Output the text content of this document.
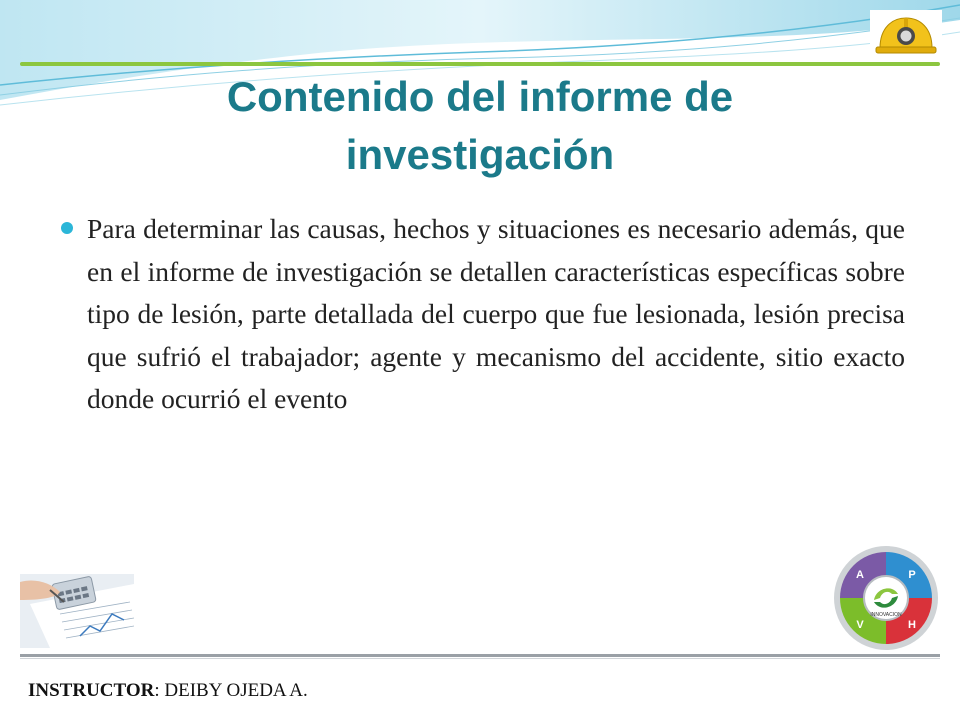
Contenido del informe de investigación

Para determinar las causas, hechos y situaciones es necesario además, que en el informe de investigación se detallen características específicas sobre tipo de lesión, parte detallada del cuerpo que fue lesionada, lesión precisa que sufrió el trabajador; agente y mecanismo del accidente, sitio exacto donde ocurrió el evento

INNOVACION
A	P
V	H
INSTRUCTOR: DEIBY OJEDA A.
